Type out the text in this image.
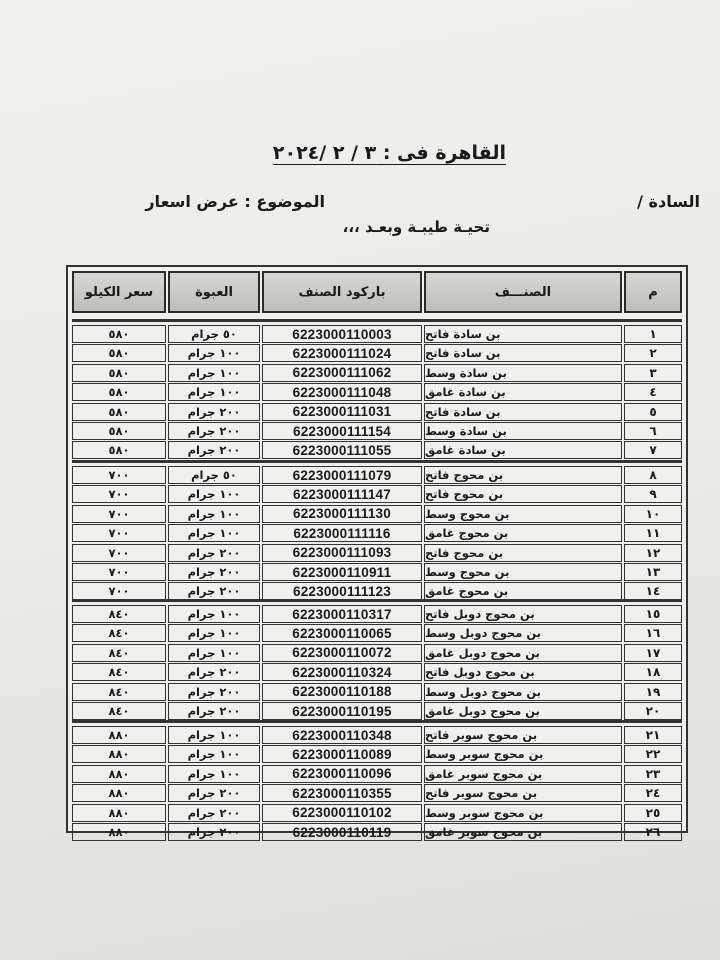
القاهرة فى : ٣ / ٢ /٢٠٢٤
السادة /
الموضوع : عرض اسعار
تحيـة طيبـة وبعـد ،،،
م
الصنـــف
باركود الصنف
العبوة
سعر الكيلو
١
بن سادة فاتح
6223000110003
٥٠ جرام
٥٨٠
٢
بن سادة فاتح
6223000111024
١٠٠ جرام
٥٨٠
٣
بن سادة وسط
6223000111062
١٠٠ جرام
٥٨٠
٤
بن سادة غامق
6223000111048
١٠٠ جرام
٥٨٠
٥
بن سادة فاتح
6223000111031
٢٠٠ جرام
٥٨٠
٦
بن سادة وسط
6223000111154
٢٠٠ جرام
٥٨٠
٧
بن سادة غامق
6223000111055
٢٠٠ جرام
٥٨٠
٨
بن محوج فاتح
6223000111079
٥٠ جرام
٧٠٠
٩
بن محوج فاتح
6223000111147
١٠٠ جرام
٧٠٠
١٠
بن محوج وسط
6223000111130
١٠٠ جرام
٧٠٠
١١
بن محوج غامق
6223000111116
١٠٠ جرام
٧٠٠
١٢
بن محوج فاتح
6223000111093
٢٠٠ جرام
٧٠٠
١٣
بن محوج وسط
6223000110911
٢٠٠ جرام
٧٠٠
١٤
بن محوج غامق
6223000111123
٢٠٠ جرام
٧٠٠
١٥
بن محوج دوبل فاتح
6223000110317
١٠٠ جرام
٨٤٠
١٦
بن محوج دوبل وسط
6223000110065
١٠٠ جرام
٨٤٠
١٧
بن محوج دوبل غامق
6223000110072
١٠٠ جرام
٨٤٠
١٨
بن محوج دوبل فاتح
6223000110324
٢٠٠ جرام
٨٤٠
١٩
بن محوج دوبل وسط
6223000110188
٢٠٠ جرام
٨٤٠
٢٠
بن محوج دوبل غامق
6223000110195
٢٠٠ جرام
٨٤٠
٢١
بن محوج سوبر فاتح
6223000110348
١٠٠ جرام
٨٨٠
٢٢
بن محوج سوبر وسط
6223000110089
١٠٠ جرام
٨٨٠
٢٣
بن محوج سوبر غامق
6223000110096
١٠٠ جرام
٨٨٠
٢٤
بن محوج سوبر فاتح
6223000110355
٢٠٠ جرام
٨٨٠
٢٥
بن محوج سوبر وسط
6223000110102
٢٠٠ جرام
٨٨٠
٢٦
بن محوج سوبر غامق
6223000110119
٢٠٠ جرام
٨٨٠
